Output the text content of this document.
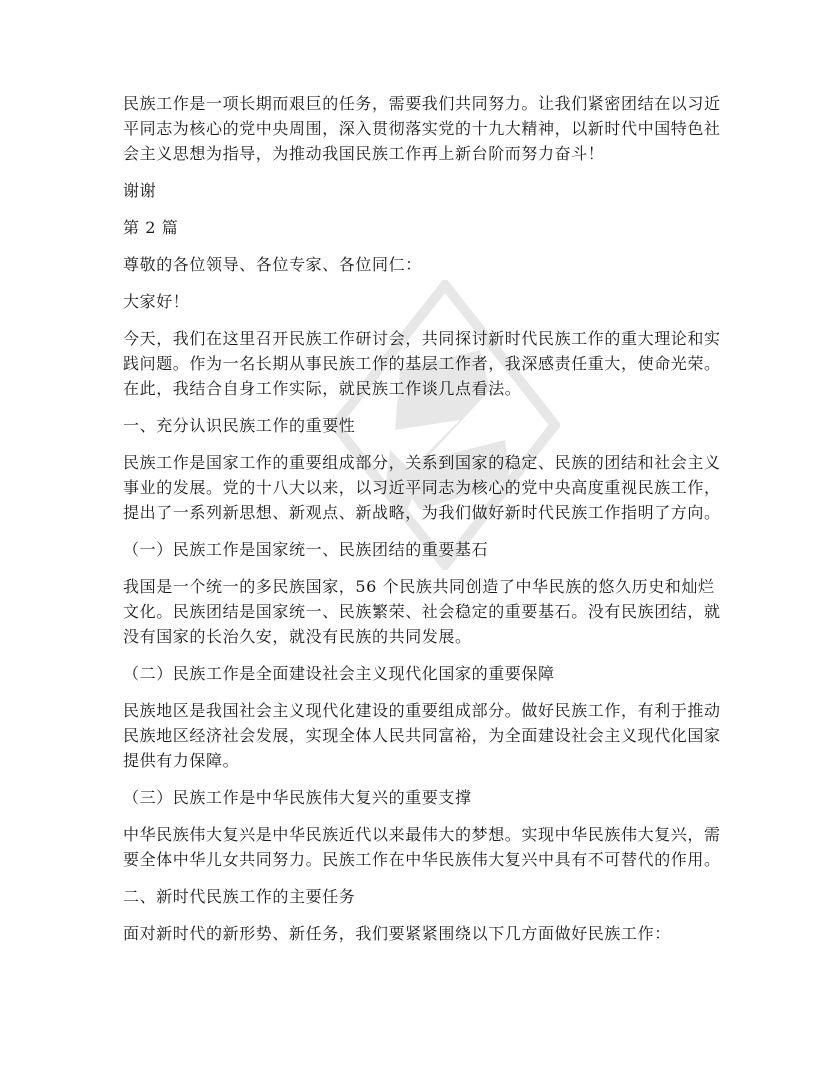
民族工作是一项长期而艰巨的任务，需要我们共同努力。让我们紧密团结在以习近
平同志为核心的党中央周围，深入贯彻落实党的十九大精神，以新时代中国特色社
会主义思想为指导，为推动我国民族工作再上新台阶而努力奋斗！

谢谢

第 2 篇

尊敬的各位领导、各位专家、各位同仁：

大家好！

今天，我们在这里召开民族工作研讨会，共同探讨新时代民族工作的重大理论和实
践问题。作为一名长期从事民族工作的基层工作者，我深感责任重大，使命光荣。
在此，我结合自身工作实际，就民族工作谈几点看法。

一、充分认识民族工作的重要性

民族工作是国家工作的重要组成部分，关系到国家的稳定、民族的团结和社会主义
事业的发展。党的十八大以来，以习近平同志为核心的党中央高度重视民族工作，
提出了一系列新思想、新观点、新战略，为我们做好新时代民族工作指明了方向。

（一）民族工作是国家统一、民族团结的重要基石

我国是一个统一的多民族国家，56 个民族共同创造了中华民族的悠久历史和灿烂
文化。民族团结是国家统一、民族繁荣、社会稳定的重要基石。没有民族团结，就
没有国家的长治久安，就没有民族的共同发展。

（二）民族工作是全面建设社会主义现代化国家的重要保障

民族地区是我国社会主义现代化建设的重要组成部分。做好民族工作，有利于推动
民族地区经济社会发展，实现全体人民共同富裕，为全面建设社会主义现代化国家
提供有力保障。

（三）民族工作是中华民族伟大复兴的重要支撑

中华民族伟大复兴是中华民族近代以来最伟大的梦想。实现中华民族伟大复兴，需
要全体中华儿女共同努力。民族工作在中华民族伟大复兴中具有不可替代的作用。

二、新时代民族工作的主要任务

面对新时代的新形势、新任务，我们要紧紧围绕以下几方面做好民族工作：
